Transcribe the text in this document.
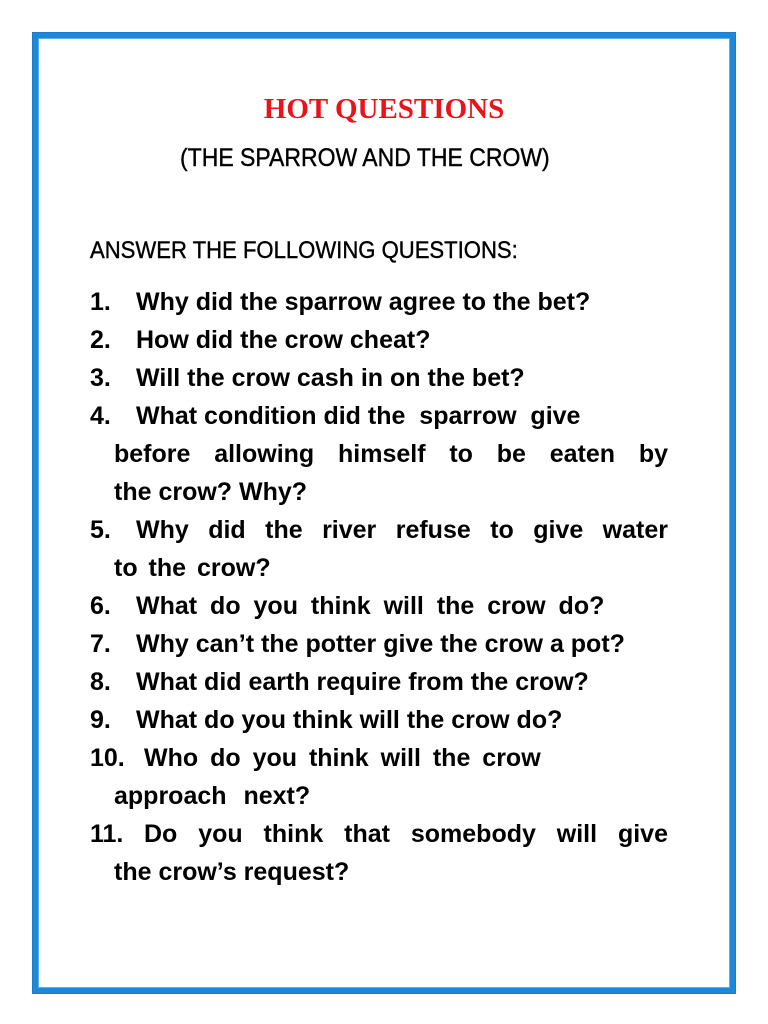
HOT QUESTIONS
(THE SPARROW AND THE CROW)
ANSWER THE FOLLOWING QUESTIONS:
1.	Why did the sparrow agree to the bet?
2.	How did the crow cheat?
3.	Will the crow cash in on the bet?
4.	What condition did the  sparrow  give
before allowing himself to be eaten by
the crow? Why?
5.	Why did the river refuse to give water
to the crow?
6.	What do you think will the crow do?
7.	Why can’t the potter give the crow a pot?
8.	What did earth require from the crow?
9.	What do you think will the crow do?
10. Who do you think will the crow
approach next?
11. Do you think that somebody will give
the crow’s request?
